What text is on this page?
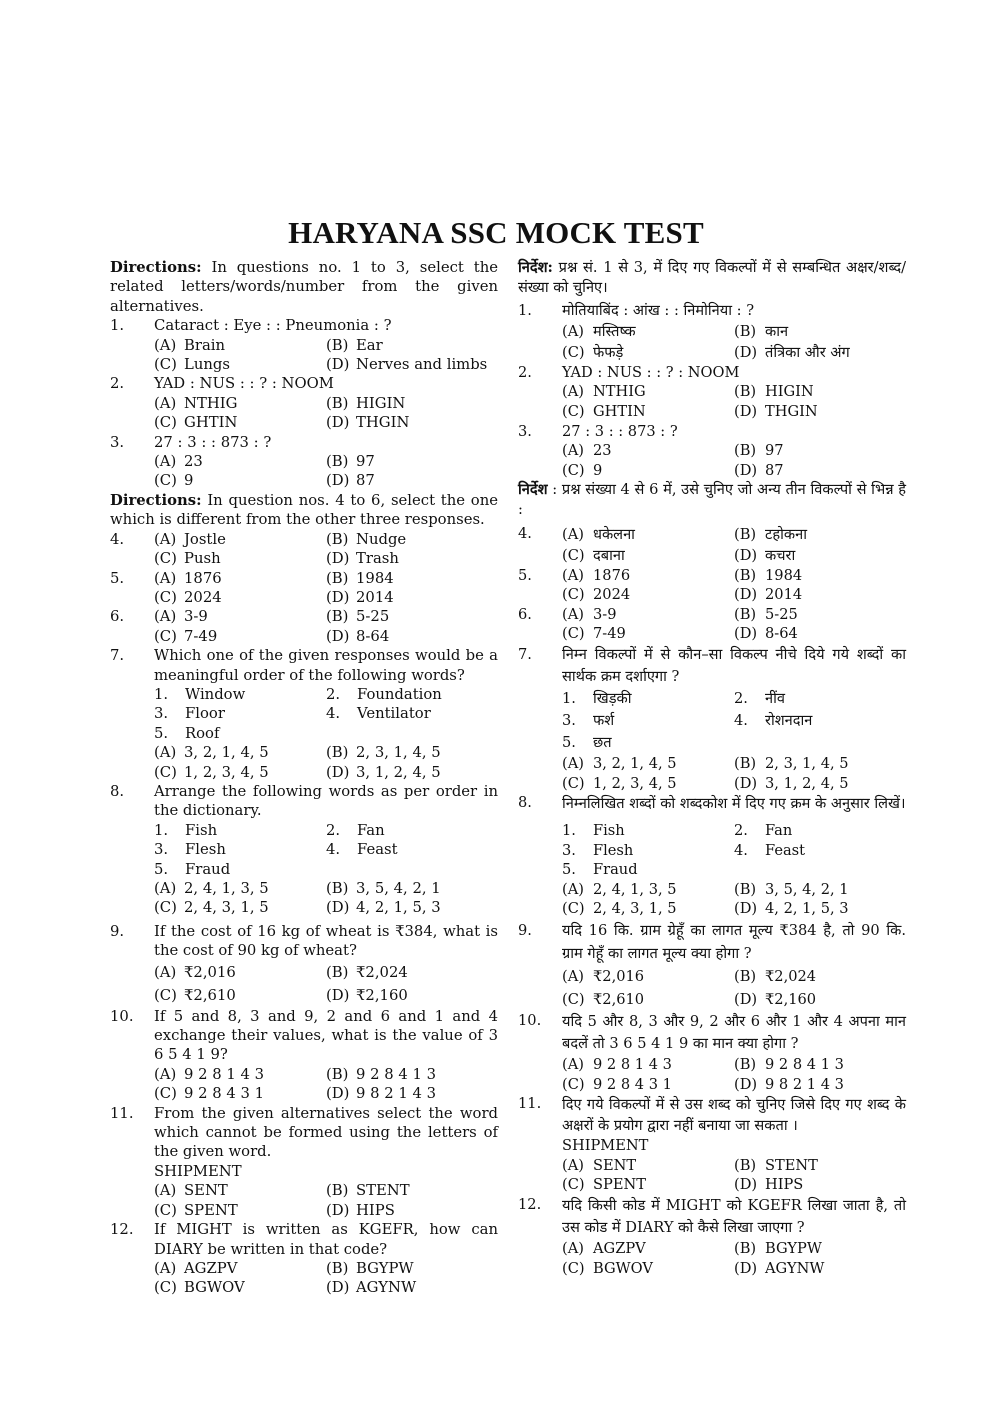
HARYANA SSC MOCK TEST
Directions: In questions no. 1 to 3, select the related letters/words/number from the given alternatives.
1. Cataract : Eye : : Pneumonia : ?
(A) Brain	(B) Ear
(C) Lungs	(D) Nerves and limbs
2. YAD : NUS : : ? : NOOM
(A) NTHIG	(B) HIGIN
(C) GHTIN	(D) THGIN
3. 27 : 3 : : 873 : ?
(A) 23	(B) 97
(C) 9	(D) 87
Directions: In question nos. 4 to 6, select the one which is different from the other three responses.
4. (A) Jostle	(B) Nudge
(C) Push	(D) Trash
5. (A) 1876	(B) 1984
(C) 2024	(D) 2014
6. (A) 3-9	(B) 5-25
(C) 7-49	(D) 8-64
7. Which one of the given responses would be a meaningful order of the following words?
1. Window	2. Foundation
3. Floor	4. Ventilator
5. Roof
(A) 3, 2, 1, 4, 5	(B) 2, 3, 1, 4, 5
(C) 1, 2, 3, 4, 5	(D) 3, 1, 2, 4, 5
8. Arrange the following words as per order in the dictionary.
1. Fish	2. Fan
3. Flesh	4. Feast
5. Fraud
(A) 2, 4, 1, 3, 5	(B) 3, 5, 4, 2, 1
(C) 2, 4, 3, 1, 5	(D) 4, 2, 1, 5, 3
9. If the cost of 16 kg of wheat is ₹384, what is the cost of 90 kg of wheat?
(A) ₹2,016	(B) ₹2,024
(C) ₹2,610	(D) ₹2,160
10. If 5 and 8, 3 and 9, 2 and 6 and 1 and 4 exchange their values, what is the value of 3 6 5 4 1 9?
(A) 9 2 8 1 4 3	(B) 9 2 8 4 1 3
(C) 9 2 8 4 3 1	(D) 9 8 2 1 4 3
11. From the given alternatives select the word which cannot be formed using the letters of the given word.
SHIPMENT
(A) SENT	(B) STENT
(C) SPENT	(D) HIPS
12. If MIGHT is written as KGEFR, how can DIARY be written in that code?
(A) AGZPV	(B) BGYPW
(C) BGWOV	(D) AGYNW
निर्देश: प्रश्न सं. 1 से 3, में दिए गए विकल्पों में से सम्बन्धित अक्षर/शब्द/संख्या को चुनिए।
1. मोतियाबिंद : आंख : : निमोनिया : ?
(A) मस्तिष्क	(B) कान
(C) फेफड़े	(D) तंत्रिका और अंग
2. YAD : NUS : : ? : NOOM
(A) NTHIG	(B) HIGIN
(C) GHTIN	(D) THGIN
3. 27 : 3 : : 873 : ?
(A) 23	(B) 97
(C) 9	(D) 87
निर्देश : प्रश्न संख्या 4 से 6 में, उसे चुनिए जो अन्य तीन विकल्पों से भिन्न है :
4. (A) धकेलना	(B) टहोकना
(C) दबाना	(D) कचरा
5. (A) 1876	(B) 1984
(C) 2024	(D) 2014
6. (A) 3-9	(B) 5-25
(C) 7-49	(D) 8-64
7. निम्न विकल्पों में से कौन–सा विकल्प नीचे दिये गये शब्दों का सार्थक क्रम दर्शाएगा ?
1. खिड़की	2. नींव
3. फर्श	4. रोशनदान
5. छत
(A) 3, 2, 1, 4, 5	(B) 2, 3, 1, 4, 5
(C) 1, 2, 3, 4, 5	(D) 3, 1, 2, 4, 5
8. निम्नलिखित शब्दों को शब्दकोश में दिए गए क्रम के अनुसार लिखें।
1. Fish	2. Fan
3. Flesh	4. Feast
5. Fraud
(A) 2, 4, 1, 3, 5	(B) 3, 5, 4, 2, 1
(C) 2, 4, 3, 1, 5	(D) 4, 2, 1, 5, 3
9. यदि 16 कि. ग्राम ग्रेहूँ का लागत मूल्य ₹384 है, तो 90 कि. ग्राम गेहूँ का लागत मूल्य क्या होगा ?
(A) ₹2,016	(B) ₹2,024
(C) ₹2,610	(D) ₹2,160
10. यदि 5 और 8, 3 और 9, 2 और 6 और 1 और 4 अपना मान बदलें तो 3 6 5 4 1 9 का मान क्या होगा ?
(A) 9 2 8 1 4 3	(B) 9 2 8 4 1 3
(C) 9 2 8 4 3 1	(D) 9 8 2 1 4 3
11. दिए गये विकल्पों में से उस शब्द को चुनिए जिसे दिए गए शब्द के अक्षरों के प्रयोग द्वारा नहीं बनाया जा सकता ।
SHIPMENT
(A) SENT	(B) STENT
(C) SPENT	(D) HIPS
12. यदि किसी कोड में MIGHT को KGEFR लिखा जाता है, तो उस कोड में DIARY को कैसे लिखा जाएगा ?
(A) AGZPV	(B) BGYPW
(C) BGWOV	(D) AGYNW
